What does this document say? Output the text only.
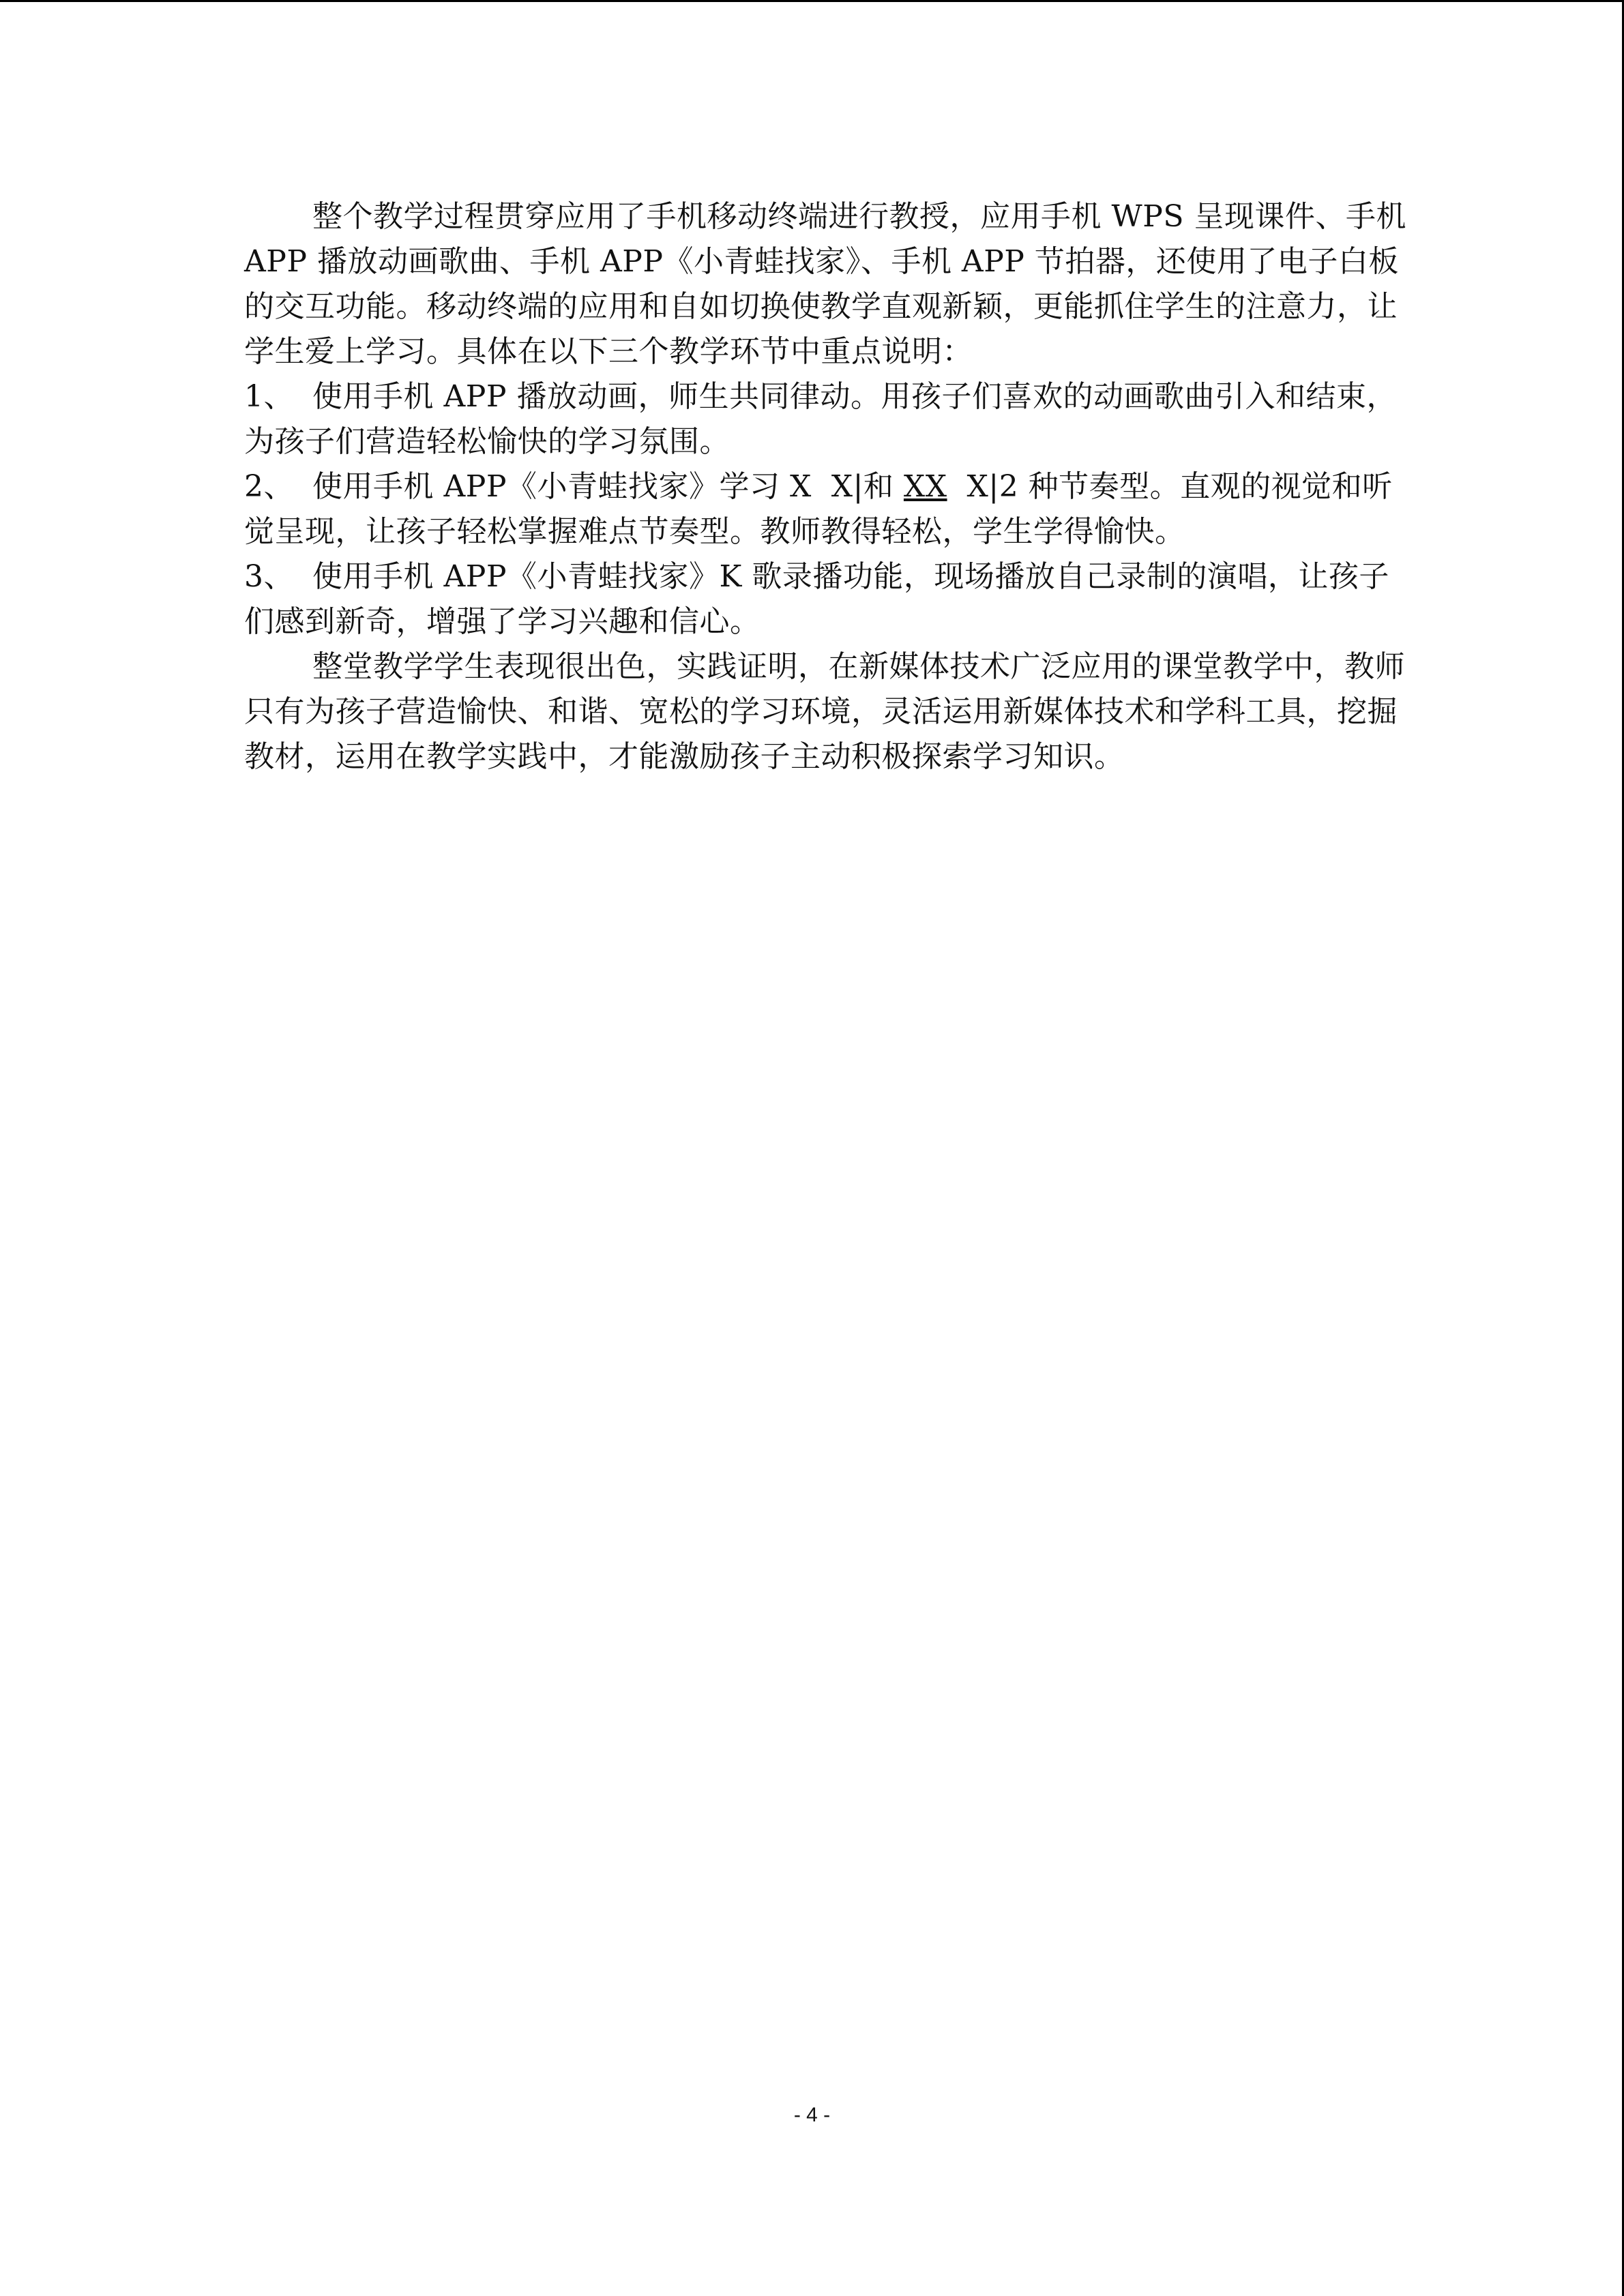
整个教学过程贯穿应用了手机移动终端进行教授，应用手机 WPS 呈现课件、手机 APP 播放动画歌曲、手机 APP《小青蛙找家》、手机 APP 节拍器，还使用了电子白板的交互功能。移动终端的应用和自如切换使教学直观新颖，更能抓住学生的注意力，让学生爱上学习。具体在以下三个教学环节中重点说明：

1、 使用手机 APP 播放动画，师生共同律动。用孩子们喜欢的动画歌曲引入和结束，为孩子们营造轻松愉快的学习氛围。

2、 使用手机 APP《小青蛙找家》学习 X  X|和 XX  X|2 种节奏型。直观的视觉和听觉呈现，让孩子轻松掌握难点节奏型。教师教得轻松，学生学得愉快。

3、 使用手机 APP《小青蛙找家》K 歌录播功能，现场播放自己录制的演唱，让孩子们感到新奇，增强了学习兴趣和信心。

整堂教学学生表现很出色，实践证明，在新媒体技术广泛应用的课堂教学中，教师只有为孩子营造愉快、和谐、宽松的学习环境，灵活运用新媒体技术和学科工具，挖掘教材，运用在教学实践中，才能激励孩子主动积极探索学习知识。

- 4 -
